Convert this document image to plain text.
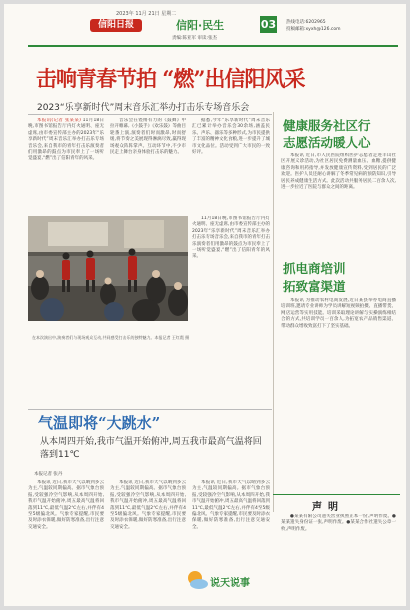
2023年 11月 21日 星期二
信阳日报	信阳·民生	03
责编:陈亚军 审读:张杰
热线电话:6202965
投稿邮箱:xyxh@126.com
击响青春节拍 “燃”出信阳风采
2023“乐享新时代”周末音乐汇举办打击乐专场音乐会

本报讯(记者 张某某) 11月18日晚,市图书馆报告厅内灯火通明、座无虚席,由市委宣传部主办的2023年“乐享新时代”周末音乐汇举办打击乐专场音乐会,来自我市的青年打击乐演奏者们用激昂的鼓点为市民奉上了一场听觉盛宴,“燃”出了信阳青年的风采。

音乐会在铿锵有力的《鼓舞》中拉开帷幕,《小鼓手》《欢乐鼓》等曲目轮番上演,演奏者们时而激昂,时而舒缓,将节奏之美展现得淋漓尽致,赢得现场观众阵阵掌声。互动环节中,不少市民走上舞台亲身体验打击乐的魅力。

据悉,今年“乐享新时代”周末音乐汇已累计举办音乐会30余场,涵盖民乐、声乐、器乐等多种形式,为市民提供了丰富的精神文化食粮,进一步提升了城市文化品位。活动受到广大市民的一致好评。

11月18日晚,市图书馆报告厅内灯火通明、座无虚席,由市委宣传部主办的2023年“乐享新时代”周末音乐汇举办打击乐专场音乐会,来自我市的青年打击乐演奏者们用激昂的鼓点为市民奉上了一场听觉盛宴,“燃”出了信阳青年的风采。

在本次演出中,演奏者们与现场观众互动,共同感受打击乐的独特魅力。本报记者 王红霞 摄
健康服务社区行
志愿活动暖人心

本报讯 近日,市人民医院组织医护志愿者走进羊山社区开展义诊活动,为社区居民免费测量血压、血糖,提供健康咨询和用药指导,并发放健康宣传资料,受到居民的广泛欢迎。医护人员还耐心讲解了冬季常见病的预防知识,引导居民养成健康生活方式。此次活动共服务居民二百余人次,进一步拉近了医院与群众之间的距离。

抓电商培训
拓致富渠道

本报讯 为推动农村电商发展,近日某县举办电商直播培训班,邀请专业讲师为学员讲解短视频拍摄、直播带货、网店运营等实用技能。培训采取理论讲解与实操演练相结合的方式,共培训学员一百余人,为拓宽农产品销售渠道、带动群众增收致富打下了坚实基础。

声明

●某某有限公司遗失营业执照正本一份,声明作废。●某某遗失身份证一张,声明作废。●某某合作社遗失公章一枚,声明作废。

气温即将“大跳水”
从本周四开始,我市气温开始俯冲,周五我市最高气温将回落到11℃
本报记者 张丹

本报讯 近日,我市天气以晴到多云为主,气温较同期偏高。据市气象台预报,受较强冷空气影响,从本周四开始,我市气温开始俯冲,周五最高气温将回落到11℃,最低气温2℃左右,并伴有4至5级偏北风。气象专家提醒,市民要及时添衣保暖,做好防寒准备,出行注意交通安全。

本报讯 近日,我市天气以晴到多云为主,气温较同期偏高。据市气象台预报,受较强冷空气影响,从本周四开始,我市气温开始俯冲,周五最高气温将回落到11℃,最低气温2℃左右,并伴有4至5级偏北风。气象专家提醒,市民要及时添衣保暖,做好防寒准备,出行注意交通安全。

本报讯 近日,我市天气以晴到多云为主,气温较同期偏高。据市气象台预报,受较强冷空气影响,从本周四开始,我市气温开始俯冲,周五最高气温将回落到11℃,最低气温2℃左右,并伴有4至5级偏北风。气象专家提醒,市民要及时添衣保暖,做好防寒准备,出行注意交通安全。

说天说事
